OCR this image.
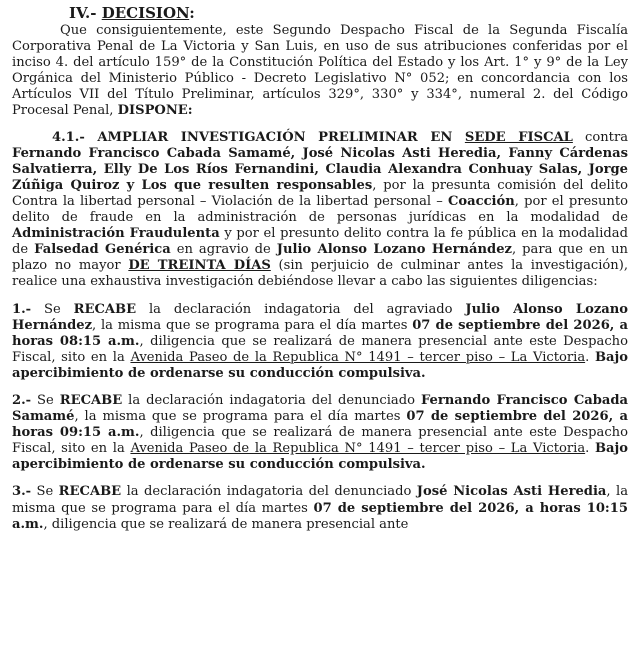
IV.- DECISION:

Que consiguientemente, este Segundo Despacho Fiscal de la Segunda Fiscalía Corporativa Penal de La Victoria y San Luis, en uso de sus atribuciones conferidas por el inciso 4. del artículo 159° de la Constitución Política del Estado y los Art. 1° y 9° de la Ley Orgánica del Ministerio Público - Decreto Legislativo N° 052; en concordancia con los Artículos VII del Título Preliminar, artículos 329°, 330° y 334°, numeral 2. del Código Procesal Penal, DISPONE:

4.1.- AMPLIAR INVESTIGACIÓN PRELIMINAR EN SEDE FISCAL contra Fernando Francisco Cabada Samamé, José Nicolas Asti Heredia, Fanny Cárdenas Salvatierra, Elly De Los Ríos Fernandini, Claudia Alexandra Conhuay Salas, Jorge Zúñiga Quiroz y Los que resulten responsables, por la presunta comisión del delito Contra la libertad personal – Violación de la libertad personal – Coacción, por el presunto delito de fraude en la administración de personas jurídicas en la modalidad de Administración Fraudulenta y por el presunto delito contra la fe pública en la modalidad de Falsedad Genérica en agravio de Julio Alonso Lozano Hernández, para que en un plazo no mayor DE TREINTA DÍAS (sin perjuicio de culminar antes la investigación), realice una exhaustiva investigación debiéndose llevar a cabo las siguientes diligencias:

1.- Se RECABE la declaración indagatoria del agraviado Julio Alonso Lozano Hernández, la misma que se programa para el día martes 07 de septiembre del 2026, a horas 08:15 a.m., diligencia que se realizará de manera presencial ante este Despacho Fiscal, sito en la Avenida Paseo de la Republica N° 1491 – tercer piso – La Victoria. Bajo apercibimiento de ordenarse su conducción compulsiva.

2.- Se RECABE la declaración indagatoria del denunciado Fernando Francisco Cabada Samamé, la misma que se programa para el día martes 07 de septiembre del 2026, a horas 09:15 a.m., diligencia que se realizará de manera presencial ante este Despacho Fiscal, sito en la Avenida Paseo de la Republica N° 1491 – tercer piso – La Victoria. Bajo apercibimiento de ordenarse su conducción compulsiva.

3.- Se RECABE la declaración indagatoria del denunciado José Nicolas Asti Heredia, la misma que se programa para el día martes 07 de septiembre del 2026, a horas 10:15 a.m., diligencia que se realizará de manera presencial ante
